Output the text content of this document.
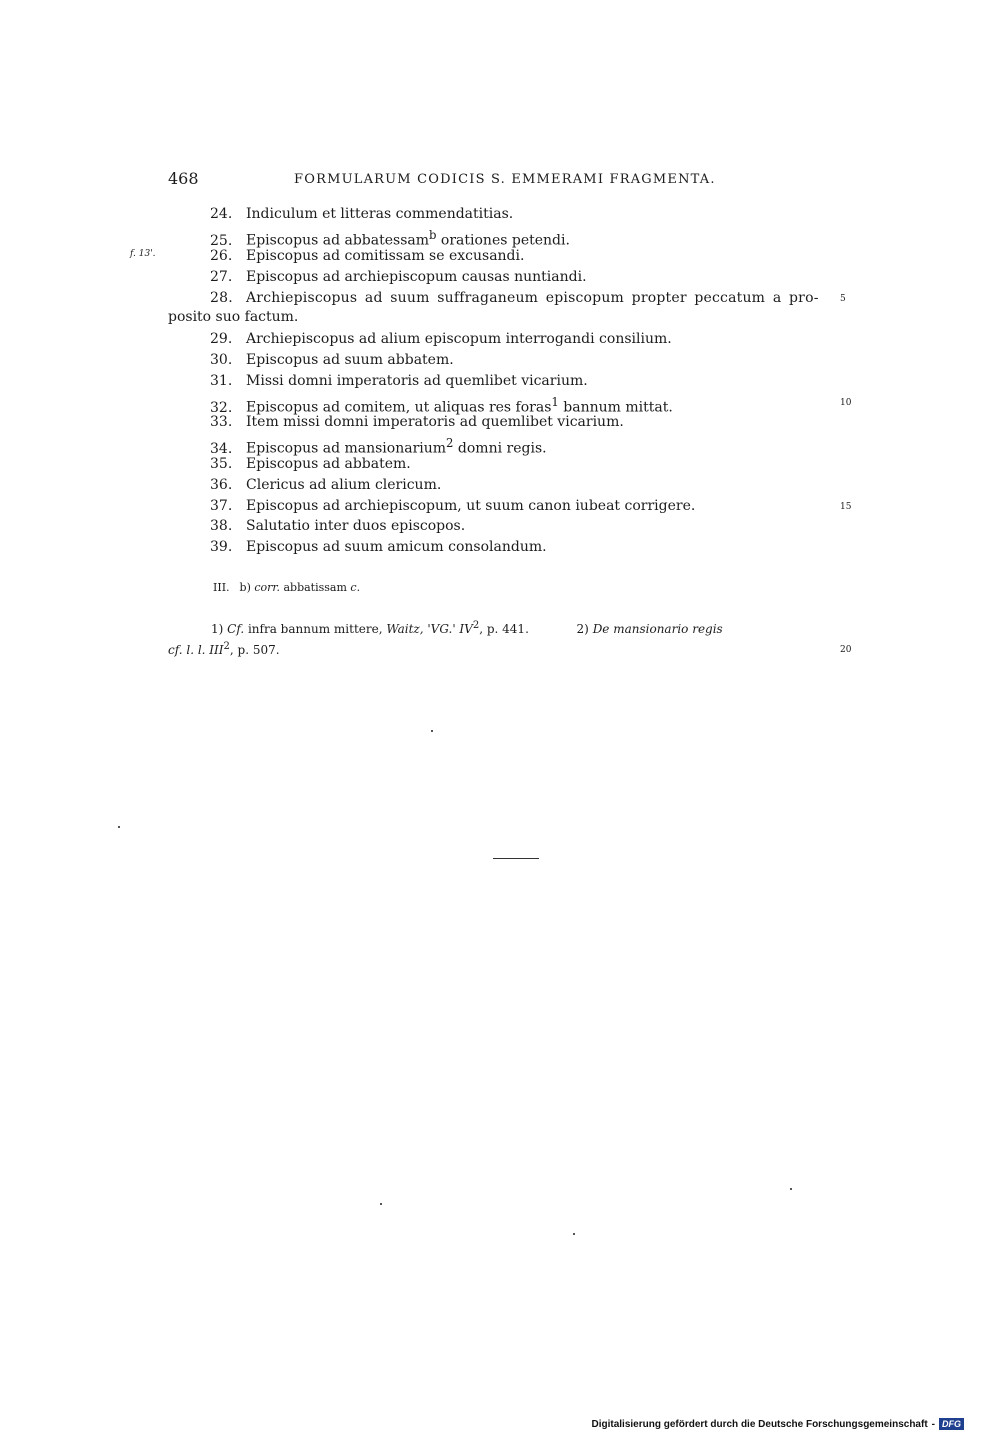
468	FORMULARUM CODICIS S. EMMERAMI FRAGMENTA.
f. 13'.
24. Indiculum et litteras commendatitias.
25. Episcopus ad abbatessam$^b$ orationes petendi.
26. Episcopus ad comitissam se excusandi.
27. Episcopus ad archiepiscopum causas nuntiandi.
28. Archiepiscopus ad suum suffraganeum episcopum propter peccatum a pro-
posito suo factum.
29. Archiepiscopus ad alium episcopum interrogandi consilium.
30. Episcopus ad suum abbatem.
31. Missi domni imperatoris ad quemlibet vicarium.
32. Episcopus ad comitem, ut aliquas res foras$^1$ bannum mittat.
33. Item missi domni imperatoris ad quemlibet vicarium.
34. Episcopus ad mansionarium$^2$ domni regis.
35. Episcopus ad abbatem.
36. Clericus ad alium clericum.
37. Episcopus ad archiepiscopum, ut suum canon iubeat corrigere.
38. Salutatio inter duos episcopos.
39. Episcopus ad suum amicum consolandum.
5
10
15
20
III. b) corr. abbatissam c.
1) Cf. infra bannum mittere, Waitz, 'VG.' $IV^2$, p. 441.	2) De mansionario regis
cf. l. l. III$^2$, p. 507.
Digitalisierung gefördert durch die Deutsche Forschungsgemeinschaft - DFG
